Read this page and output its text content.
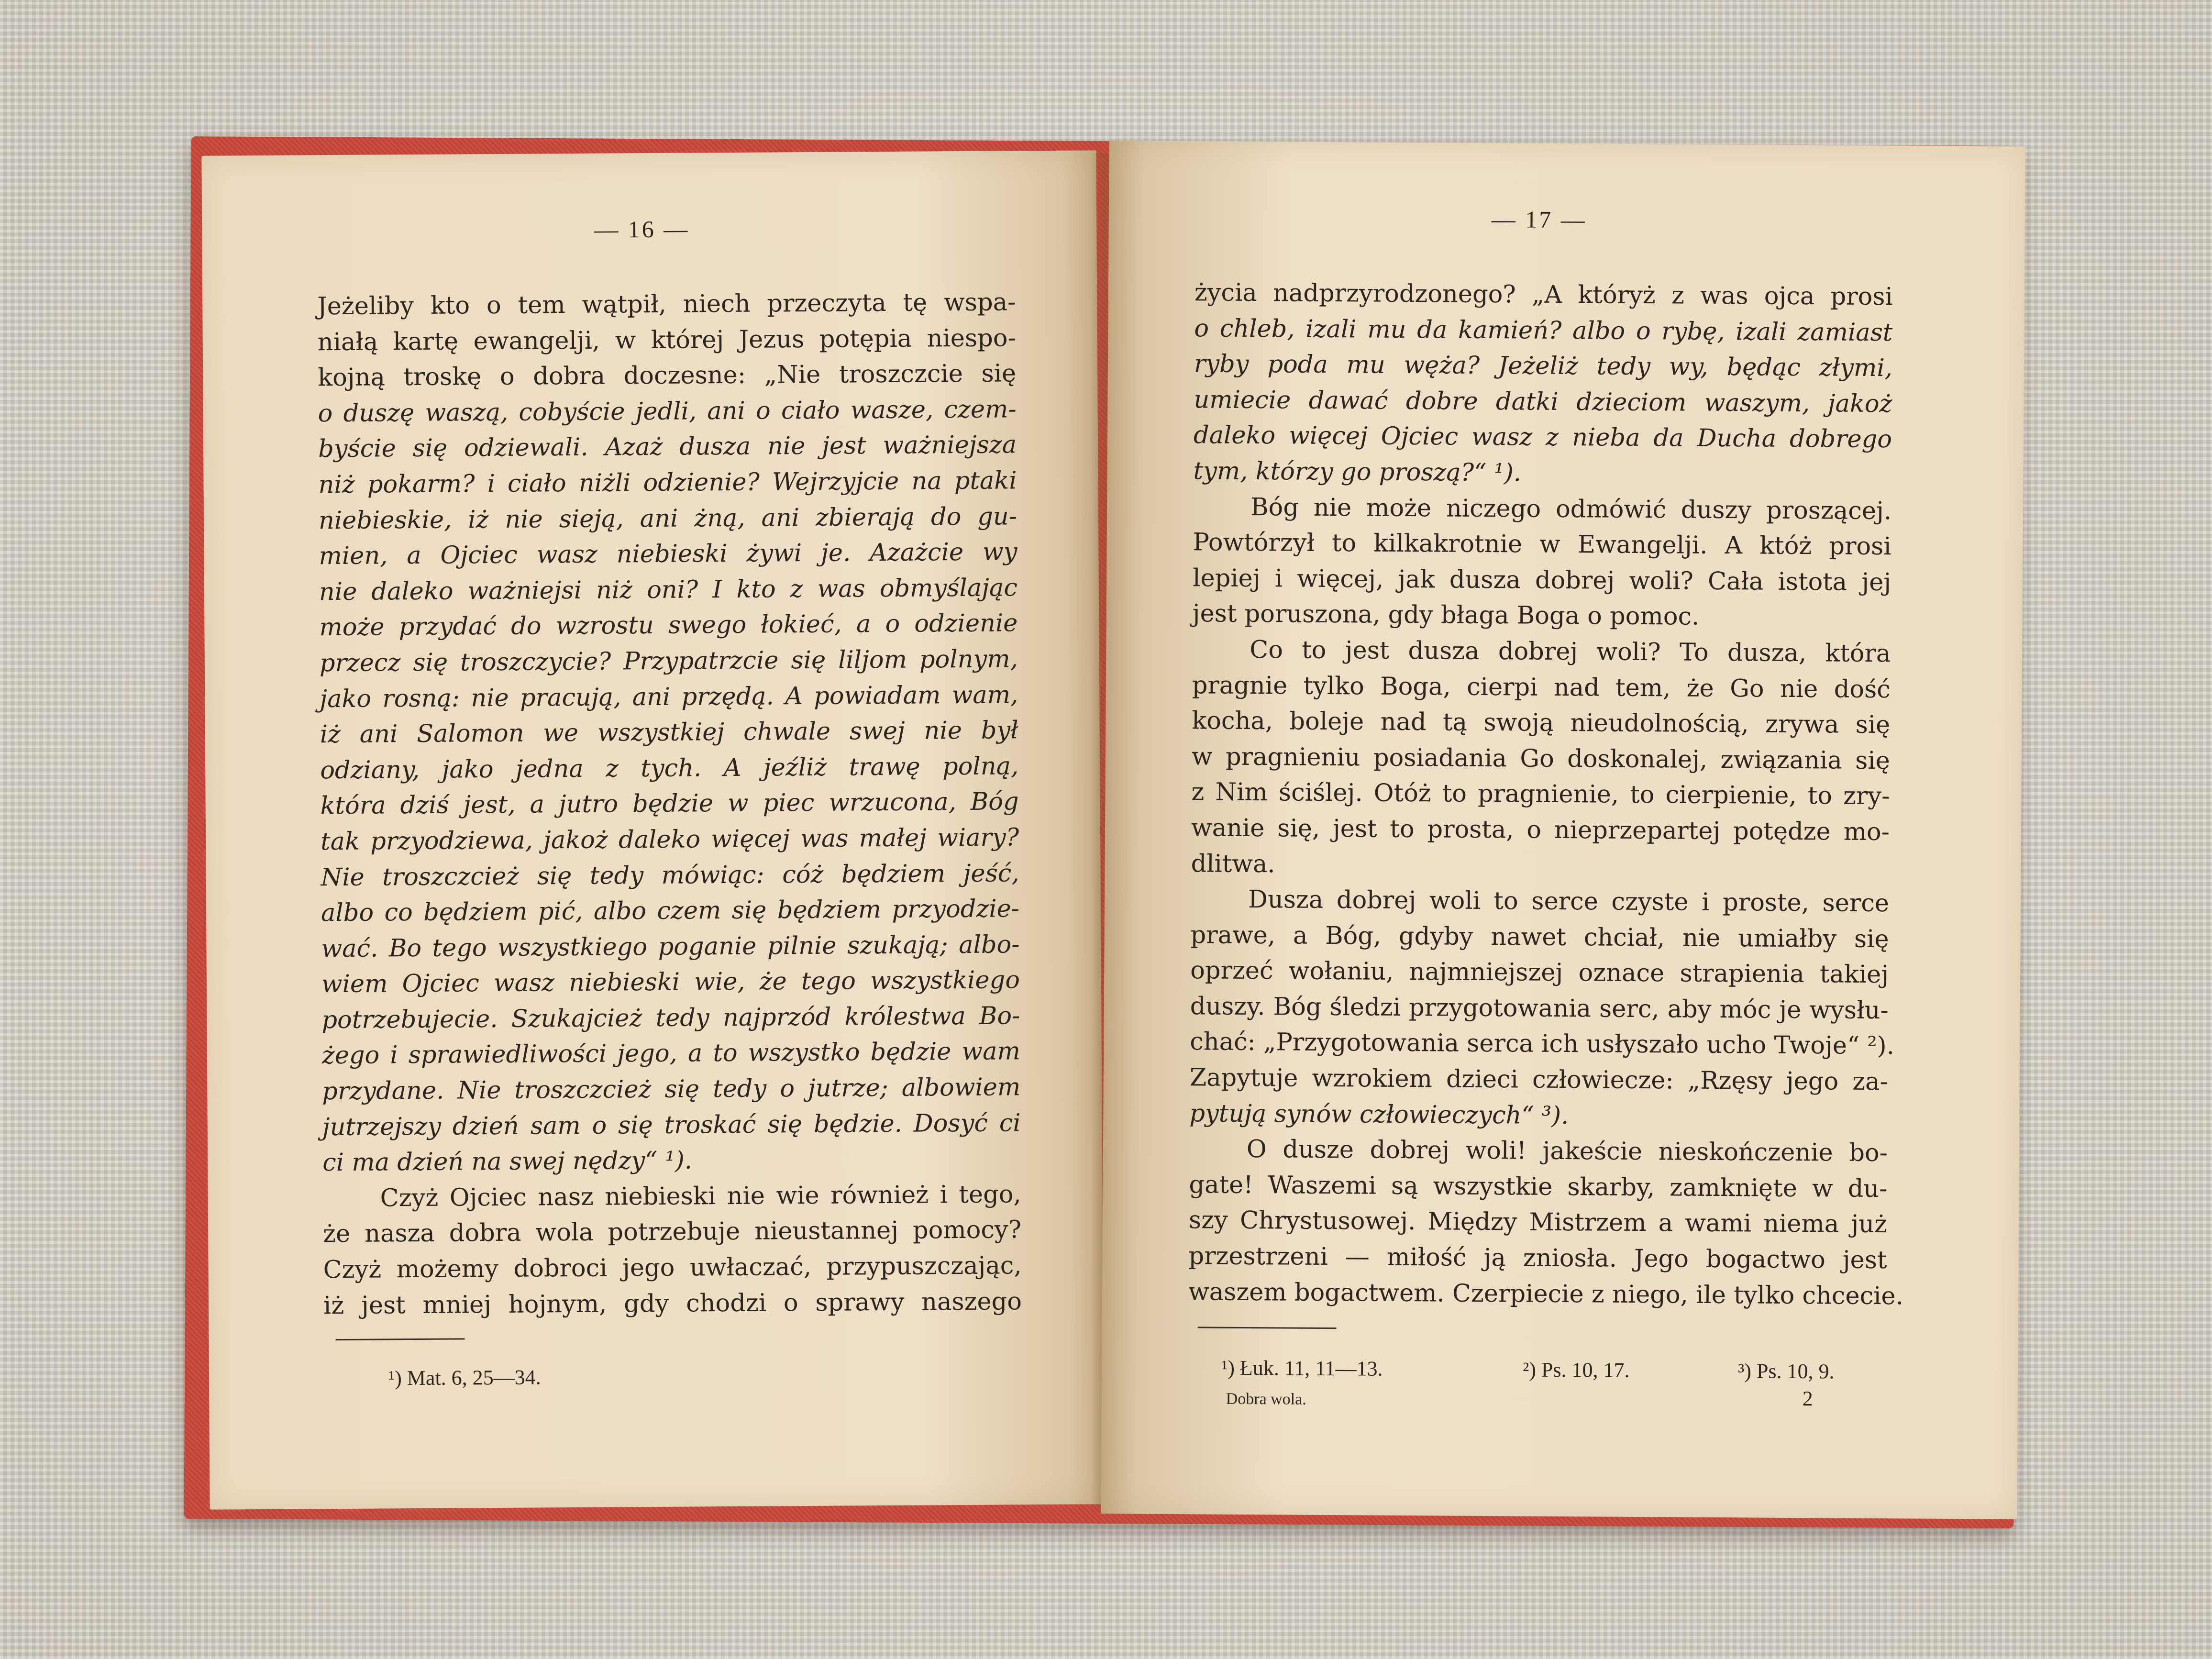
— 16 —
Jeżeliby kto o tem wątpił, niech przeczyta tę wspa-
niałą kartę ewangelji, w której Jezus potępia niespo-
kojną troskę o dobra doczesne: „Nie troszczcie się
o duszę waszą, cobyście jedli, ani o ciało wasze, czem-
byście się odziewali. Azaż dusza nie jest ważniejsza
niż pokarm? i ciało niżli odzienie? Wejrzyjcie na ptaki
niebieskie, iż nie sieją, ani żną, ani zbierają do gu-
mien, a Ojciec wasz niebieski żywi je. Azażcie wy
nie daleko ważniejsi niż oni? I kto z was obmyślając
może przydać do wzrostu swego łokieć, a o odzienie
przecz się troszczycie? Przypatrzcie się liljom polnym,
jako rosną: nie pracują, ani przędą. A powiadam wam,
iż ani Salomon we wszystkiej chwale swej nie był
odziany, jako jedna z tych. A jeźliż trawę polną,
która dziś jest, a jutro będzie w piec wrzucona, Bóg
tak przyodziewa, jakoż daleko więcej was małej wiary?
Nie troszczcież się tedy mówiąc: cóż będziem jeść,
albo co będziem pić, albo czem się będziem przyodzie-
wać. Bo tego wszystkiego poganie pilnie szukają; albo-
wiem Ojciec wasz niebieski wie, że tego wszystkiego
potrzebujecie. Szukajcież tedy najprzód królestwa Bo-
żego i sprawiedliwości jego, a to wszystko będzie wam
przydane. Nie troszczcież się tedy o jutrze; albowiem
jutrzejszy dzień sam o się troskać się będzie. Dosyć ci
ci ma dzień na swej nędzy“ ¹).
Czyż Ojciec nasz niebieski nie wie również i tego,
że nasza dobra wola potrzebuje nieustannej pomocy?
Czyż możemy dobroci jego uwłaczać, przypuszczając,
iż jest mniej hojnym, gdy chodzi o sprawy naszego
¹) Mat. 6, 25—34.
— 17 —
życia nadprzyrodzonego? „A któryż z was ojca prosi
o chleb, izali mu da kamień? albo o rybę, izali zamiast
ryby poda mu węża? Jeżeliż tedy wy, będąc złymi,
umiecie dawać dobre datki dzieciom waszym, jakoż
daleko więcej Ojciec wasz z nieba da Ducha dobrego
tym, którzy go proszą?“ ¹).
Bóg nie może niczego odmówić duszy proszącej.
Powtórzył to kilkakrotnie w Ewangelji. A któż prosi
lepiej i więcej, jak dusza dobrej woli? Cała istota jej
jest poruszona, gdy błaga Boga o pomoc.
Co to jest dusza dobrej woli? To dusza, która
pragnie tylko Boga, cierpi nad tem, że Go nie dość
kocha, boleje nad tą swoją nieudolnością, zrywa się
w pragnieniu posiadania Go doskonalej, związania się
z Nim ściślej. Otóż to pragnienie, to cierpienie, to zry-
wanie się, jest to prosta, o nieprzepartej potędze mo-
dlitwa.
Dusza dobrej woli to serce czyste i proste, serce
prawe, a Bóg, gdyby nawet chciał, nie umiałby się
oprzeć wołaniu, najmniejszej oznace strapienia takiej
duszy. Bóg śledzi przygotowania serc, aby móc je wysłu-
chać: „Przygotowania serca ich usłyszało ucho Twoje“ ²).
Zapytuje wzrokiem dzieci człowiecze: „Rzęsy jego za-
pytują synów człowieczych“ ³).
O dusze dobrej woli! jakeście nieskończenie bo-
gate! Waszemi są wszystkie skarby, zamknięte w du-
szy Chrystusowej. Między Mistrzem a wami niema już
przestrzeni — miłość ją zniosła. Jego bogactwo jest
waszem bogactwem. Czerpiecie z niego, ile tylko chcecie.
¹) Łuk. 11, 11—13.	²) Ps. 10, 17.	³) Ps. 10, 9.
Dobra wola.	2
